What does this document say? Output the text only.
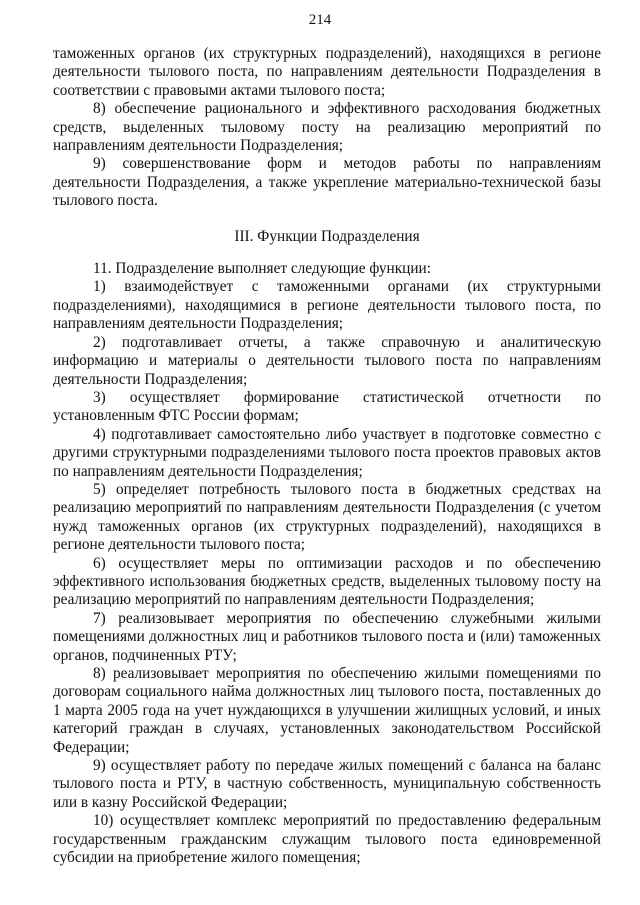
214

таможенных органов (их структурных подразделений), находящихся в регионе деятельности тылового поста, по направлениям деятельности Подразделения в соответствии с правовыми актами тылового поста;

8) обеспечение рационального и эффективного расходования бюджетных средств, выделенных тыловому посту на реализацию мероприятий по направлениям деятельности Подразделения;

9) совершенствование форм и методов работы по направлениям деятельности Подразделения, а также укрепление материально-технической базы тылового поста.

III. Функции Подразделения

11. Подразделение выполняет следующие функции:

1) взаимодействует с таможенными органами (их структурными подразделениями), находящимися в регионе деятельности тылового поста, по направлениям деятельности Подразделения;

2) подготавливает отчеты, а также справочную и аналитическую информацию и материалы о деятельности тылового поста по направлениям деятельности Подразделения;

3) осуществляет формирование статистической отчетности по установленным ФТС России формам;

4) подготавливает самостоятельно либо участвует в подготовке совместно с другими структурными подразделениями тылового поста проектов правовых актов по направлениям деятельности Подразделения;

5) определяет потребность тылового поста в бюджетных средствах на реализацию мероприятий по направлениям деятельности Подразделения (с учетом нужд таможенных органов (их структурных подразделений), находящихся в регионе деятельности тылового поста;

6) осуществляет меры по оптимизации расходов и по обеспечению эффективного использования бюджетных средств, выделенных тыловому посту на реализацию мероприятий по направлениям деятельности Подразделения;

7) реализовывает мероприятия по обеспечению служебными жилыми помещениями должностных лиц и работников тылового поста и (или) таможенных органов, подчиненных РТУ;

8) реализовывает мероприятия по обеспечению жилыми помещениями по договорам социального найма должностных лиц тылового поста, поставленных до 1 марта 2005 года на учет нуждающихся в улучшении жилищных условий, и иных категорий граждан в случаях, установленных законодательством Российской Федерации;

9) осуществляет работу по передаче жилых помещений с баланса на баланс тылового поста и РТУ, в частную собственность, муниципальную собственность или в казну Российской Федерации;

10) осуществляет комплекс мероприятий по предоставлению федеральным государственным гражданским служащим тылового поста единовременной субсидии на приобретение жилого помещения;
